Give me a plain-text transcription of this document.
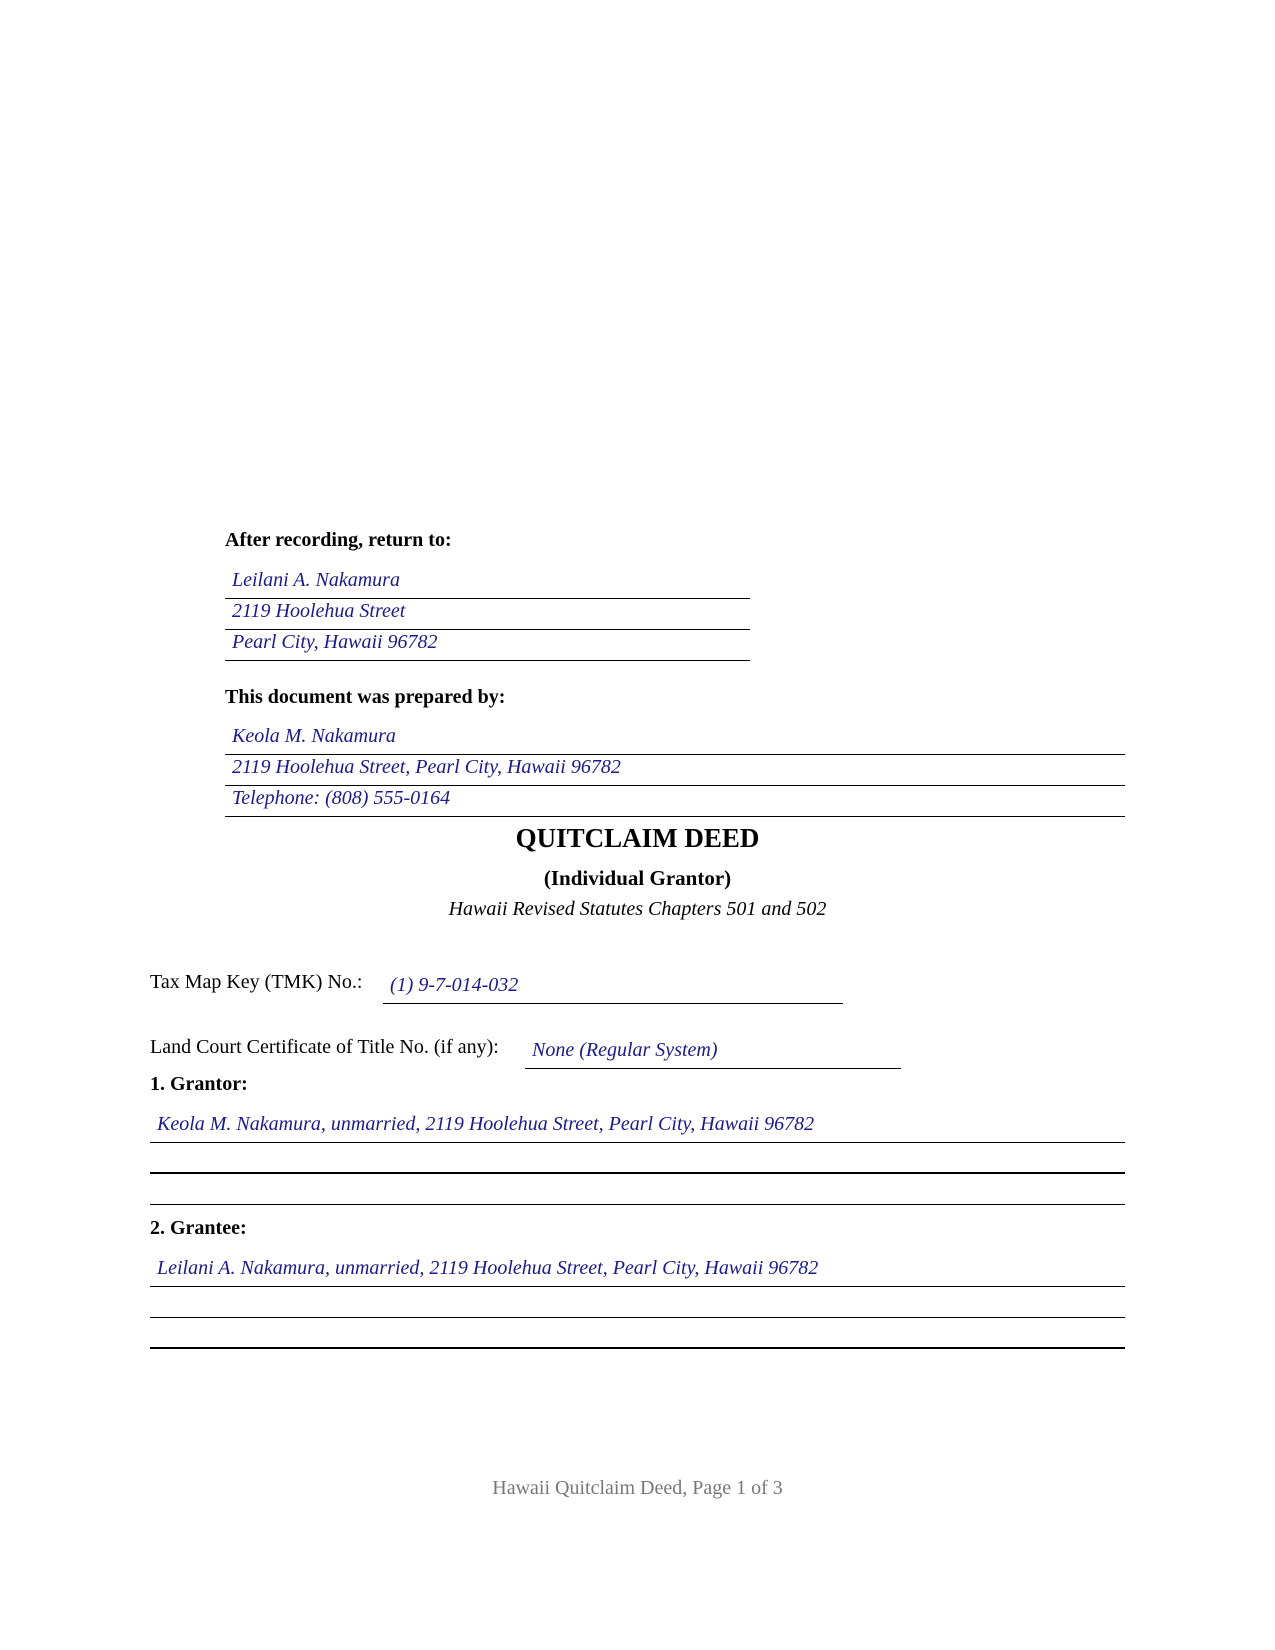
After recording, return to:
Leilani A. Nakamura
2119 Hoolehua Street
Pearl City, Hawaii 96782
This document was prepared by:
Keola M. Nakamura
2119 Hoolehua Street, Pearl City, Hawaii 96782
Telephone: (808) 555-0164
QUITCLAIM DEED
(Individual Grantor)
Hawaii Revised Statutes Chapters 501 and 502
Tax Map Key (TMK) No.: (1) 9-7-014-032
Land Court Certificate of Title No. (if any): None (Regular System)
1. Grantor:
Keola M. Nakamura, unmarried, 2119 Hoolehua Street, Pearl City, Hawaii 96782
2. Grantee:
Leilani A. Nakamura, unmarried, 2119 Hoolehua Street, Pearl City, Hawaii 96782
Hawaii Quitclaim Deed, Page 1 of 3
